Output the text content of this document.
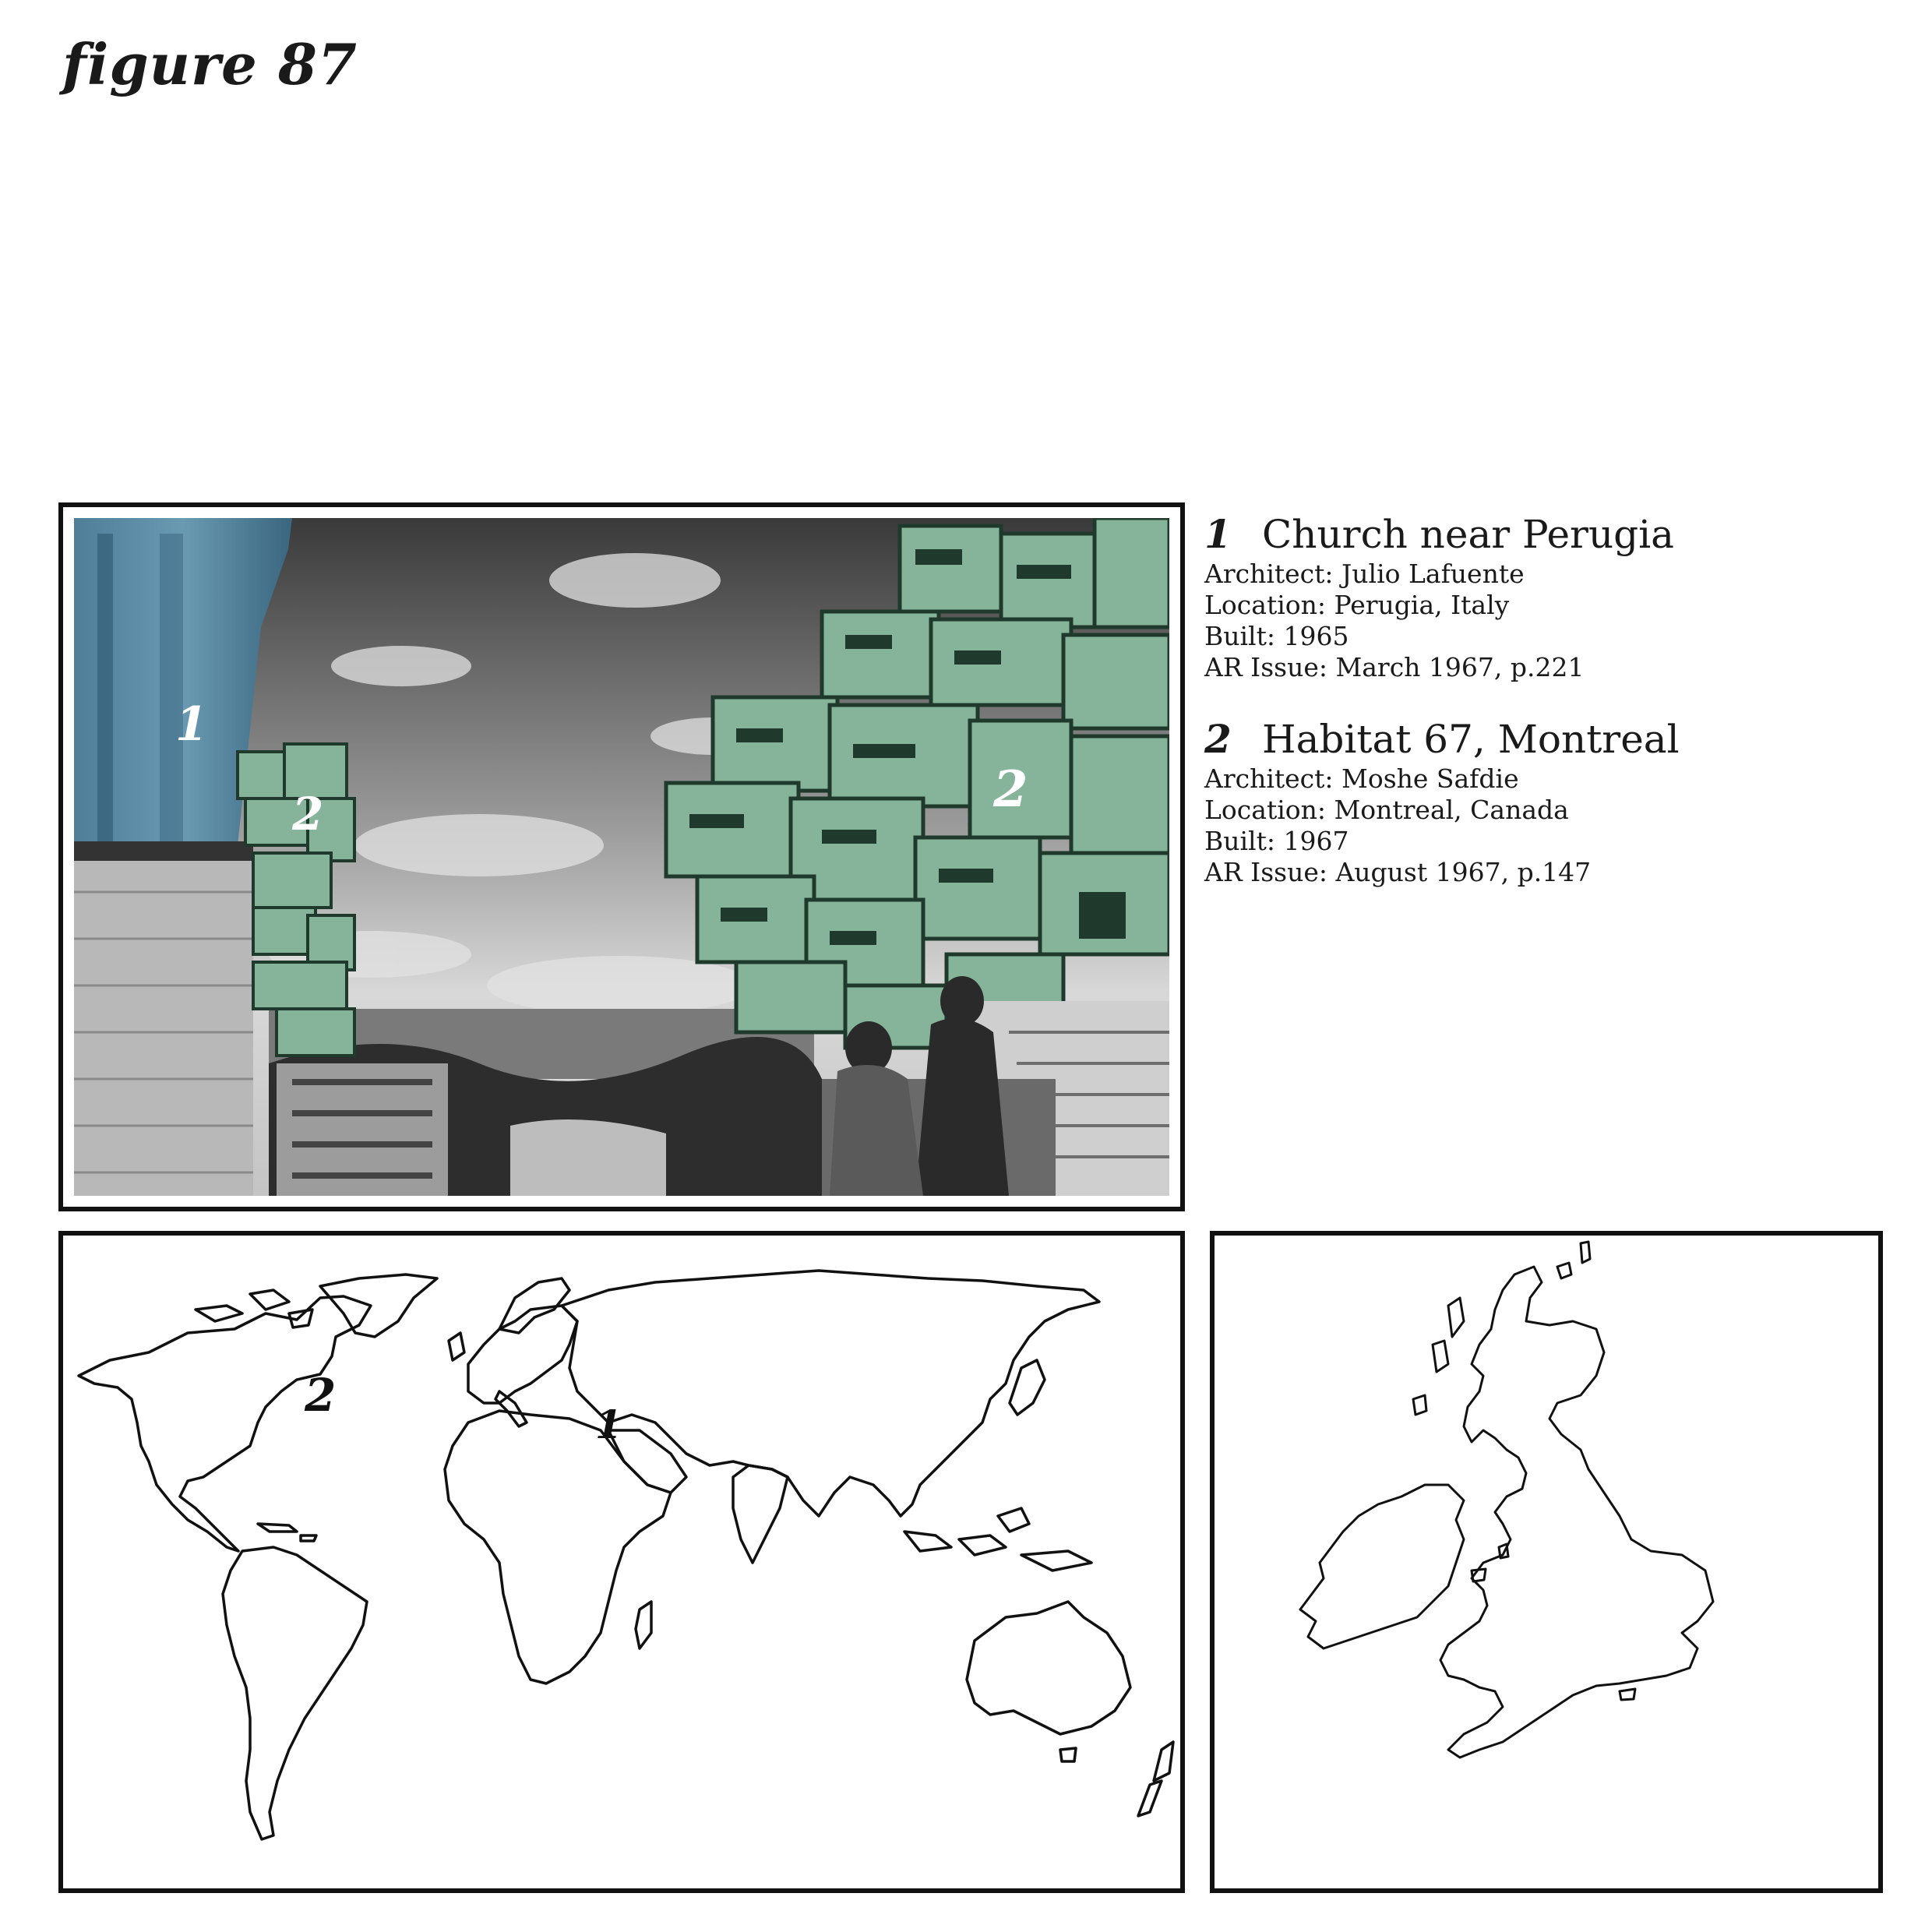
figure 87
1
2	2
1 Church near Perugia
Architect: Julio Lafuente
Location: Perugia, Italy
Built: 1965
AR Issue: March 1967, p.221
2 Habitat 67, Montreal
Architect: Moshe Safdie
Location: Montreal, Canada
Built: 1967
AR Issue: August 1967, p.147
2
1
